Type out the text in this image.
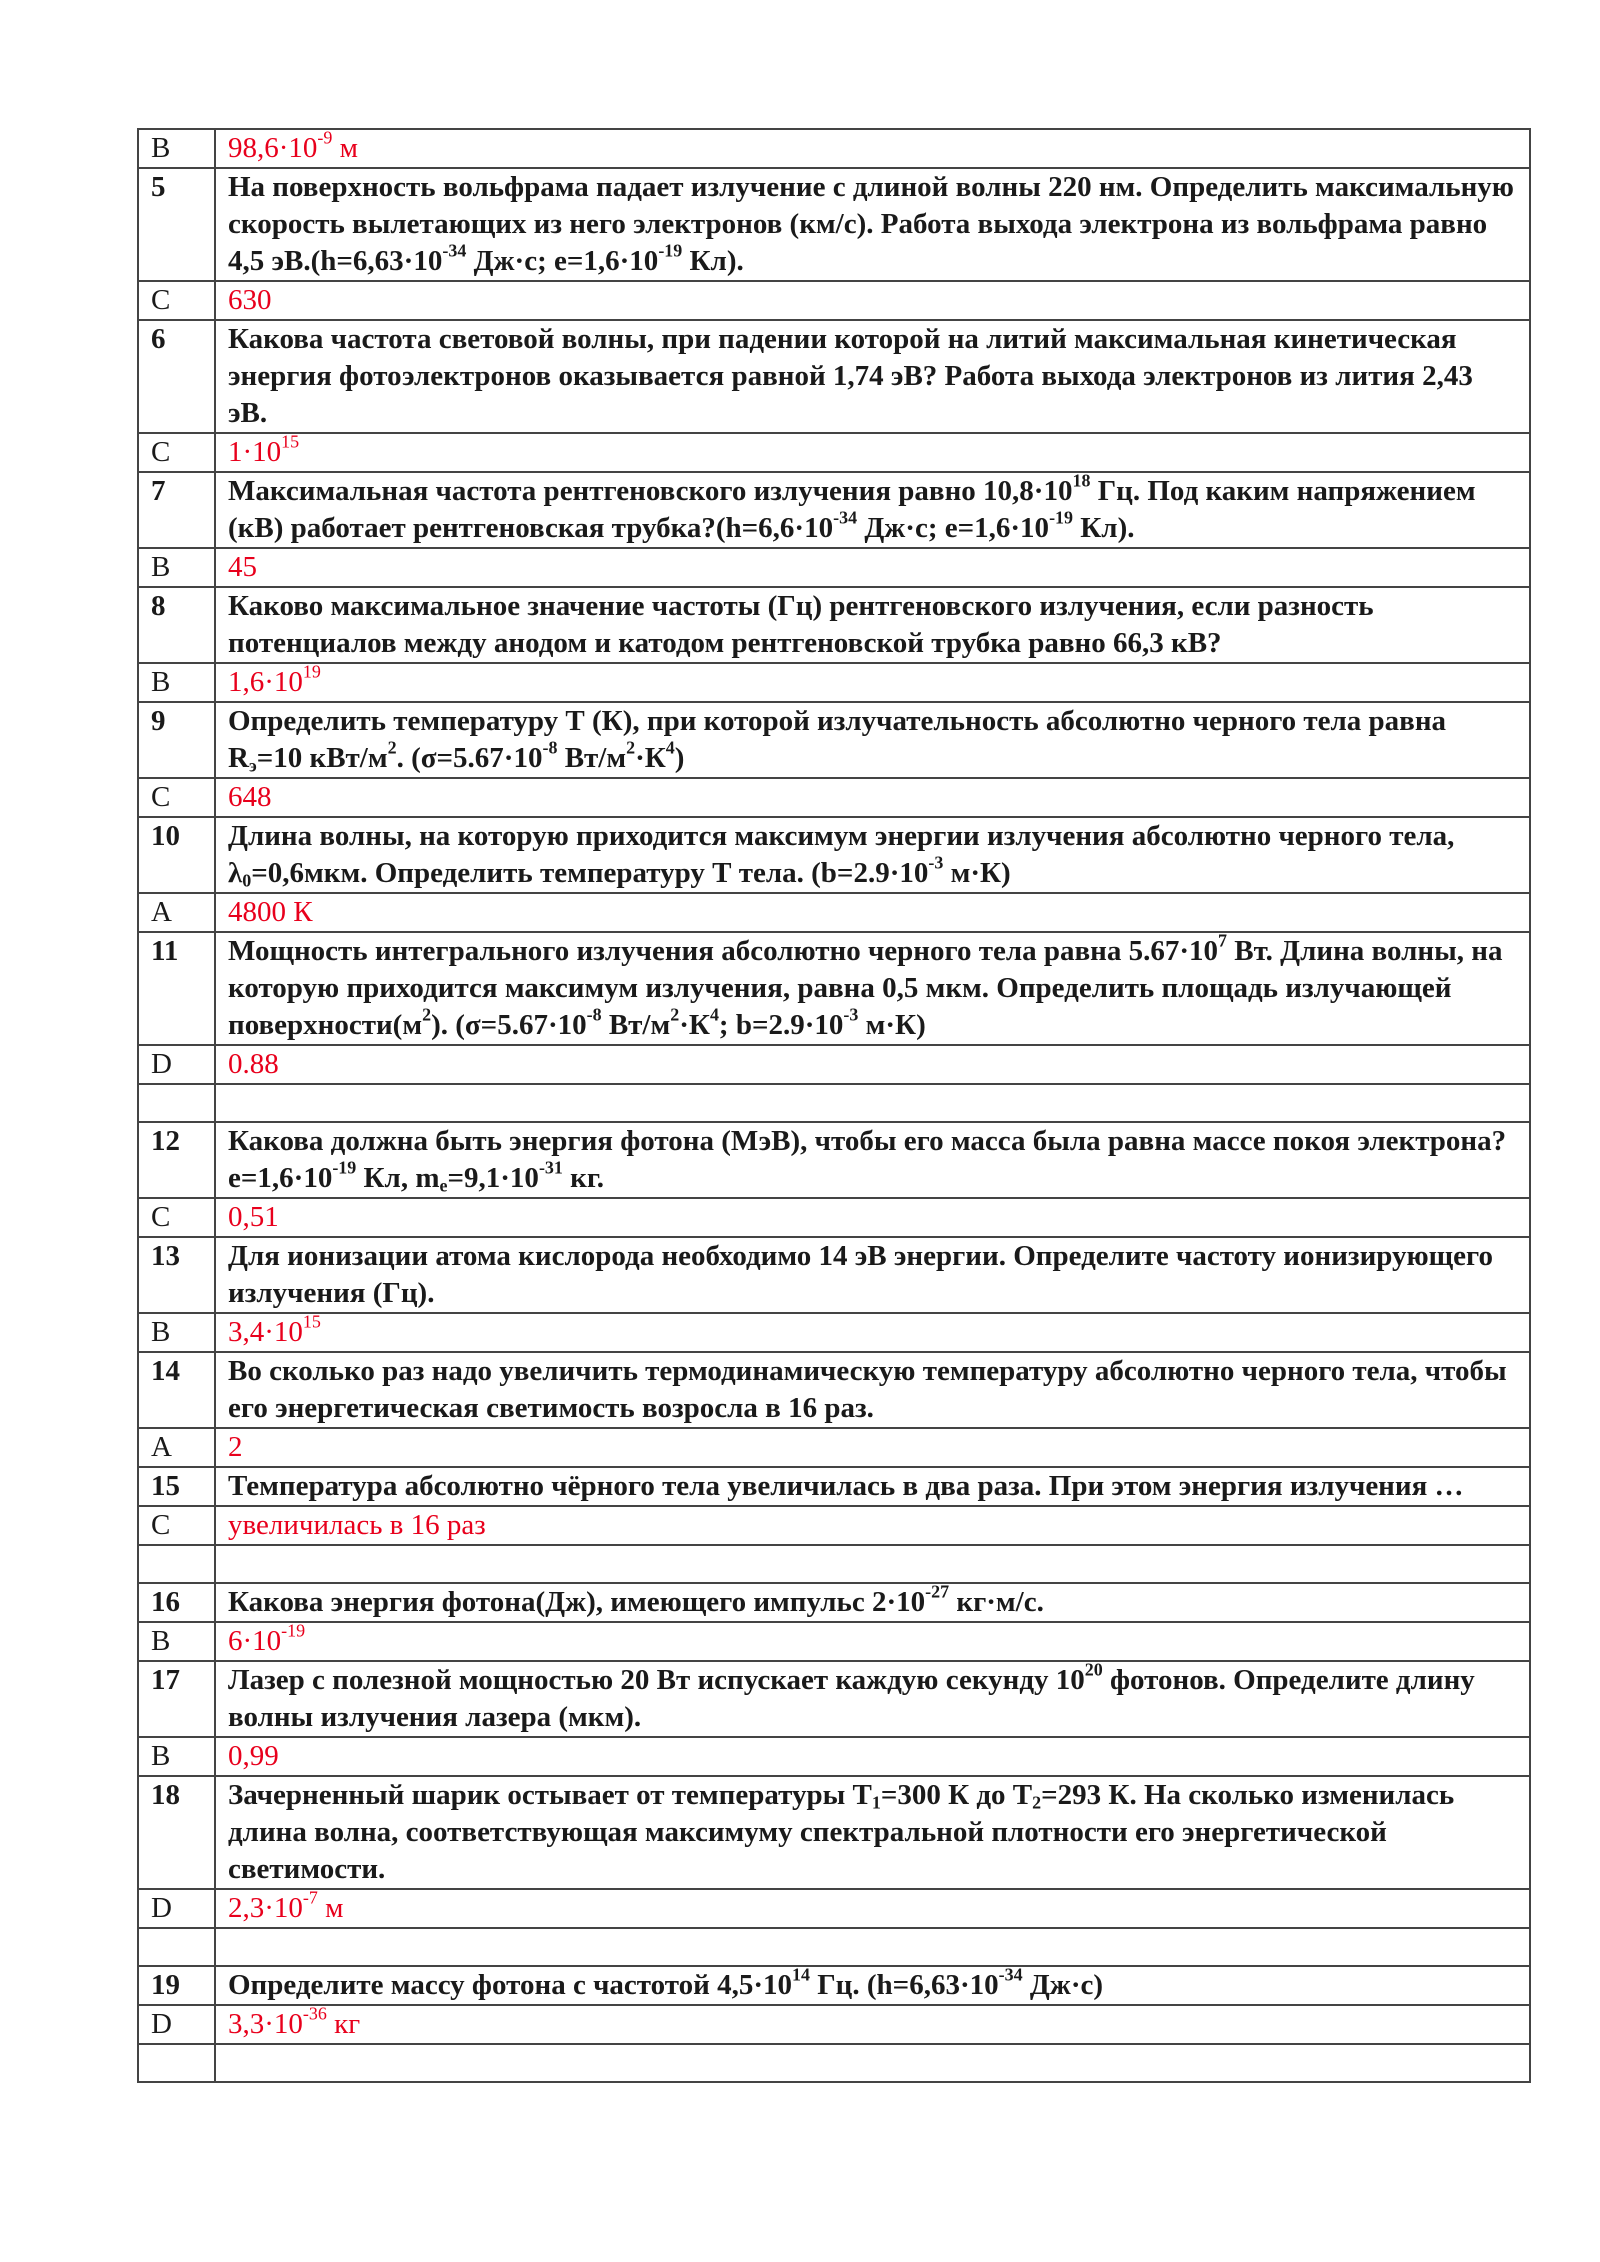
B	$98,6\cdot 10^{-9}$ м
5	На поверхность вольфрама падает излучение с длиной волны 220 нм. Определить максимальную скорость вылетающих из него электронов (км/с). Работа выхода электрона из вольфрама равно 4,5 $эВ.(h=6,63\cdot 10^{-34}$ Дж·с; $е=1,6\cdot 10^{-19}$ Кл).
C	630
6	Какова частота световой волны, при падении которой на литий максимальная кинетическая энергия фотоэлектронов оказывается равной 1,74 эВ? Работа выхода электронов из лития 2,43 эВ.
C	$1\cdot 10^{15}$
7	Максимальная частота рентгеновского излучения равно $10,8\cdot 10^{18}$ Гц. Под каким напряжением (кВ) работает рентгеновская $трубка?(h=6,6\cdot 10^{-34}$ Дж·с; $е=1,6\cdot 10^{-19}$ Кл).
B	45
8	Каково максимальное значение частоты (Гц) рентгеновского излучения, если разность потенциалов между анодом и катодом рентгеновской трубка равно 66,3 кВ?
B	$1,6\cdot 10^{19}$
9	Определить температуру Т (К), при которой излучательность абсолютно черного тела равна $R_э=10$ кВт/$м^2$. ($\sigma=5.67\cdot 10^{-8}$ $Вт/м^2\cdot К^4$)
C	648
10	Длина волны, на которую приходится максимум энергии излучения абсолютно черного тела, $\lambda_0=0,6мкм$. Определить температуру Т тела. ($b=2.9\cdot 10^{-3}$ м·К)
A	4800 К
11	Мощность интегрального излучения абсолютно черного тела равна $5.67\cdot 10^7$ Вт. Длина волны, на которую приходится максимум излучения, равна 0,5 мкм. Определить площадь излучающей $поверхности(м^2)$. ($\sigma=5.67\cdot 10^{-8}$ $Вт/м^2\cdot К^4$; $b=2.9\cdot 10^{-3}$ м·К)
D	0.88

12	Какова должна быть энергия фотона (МэВ), чтобы его масса была равна массе покоя электрона? $е=1,6\cdot 10^{-19}$ Кл, $m_e=9,1\cdot 10^{-31}$ кг.
C	0,51
13	Для ионизации атома кислорода необходимо 14 эВ энергии. Определите частоту ионизирующего излучения (Гц).
B	$3,4\cdot 10^{15}$
14	Во сколько раз надо увеличить термодинамическую температуру абсолютно черного тела, чтобы его энергетическая светимость возросла в 16 раз.
A	2
15	Температура абсолютно чёрного тела увеличилась в два раза. При этом энергия излучения …
C	увеличилась в 16 раз

16	Какова энергия фотона(Дж), имеющего импульс $2\cdot 10^{-27}$ кг·м/с.
B	$6\cdot 10^{-19}$
17	Лазер с полезной мощностью 20 Вт испускает каждую секунду $10^{20}$ фотонов. Определите длину волны излучения лазера (мкм).
B	0,99
18	Зачерненный шарик остывает от температуры $Т_1=300$ К до $Т_2=293$ К. На сколько изменилась длина волна, соответствующая максимуму спектральной плотности его энергетической светимости.
D	$2,3\cdot 10^{-7}$ м

19	Определите массу фотона с частотой $4,5\cdot 10^{14}$ Гц. ($h=6,63\cdot 10^{-34}$ Дж·с)
D	$3,3\cdot 10^{-36}$ кг
